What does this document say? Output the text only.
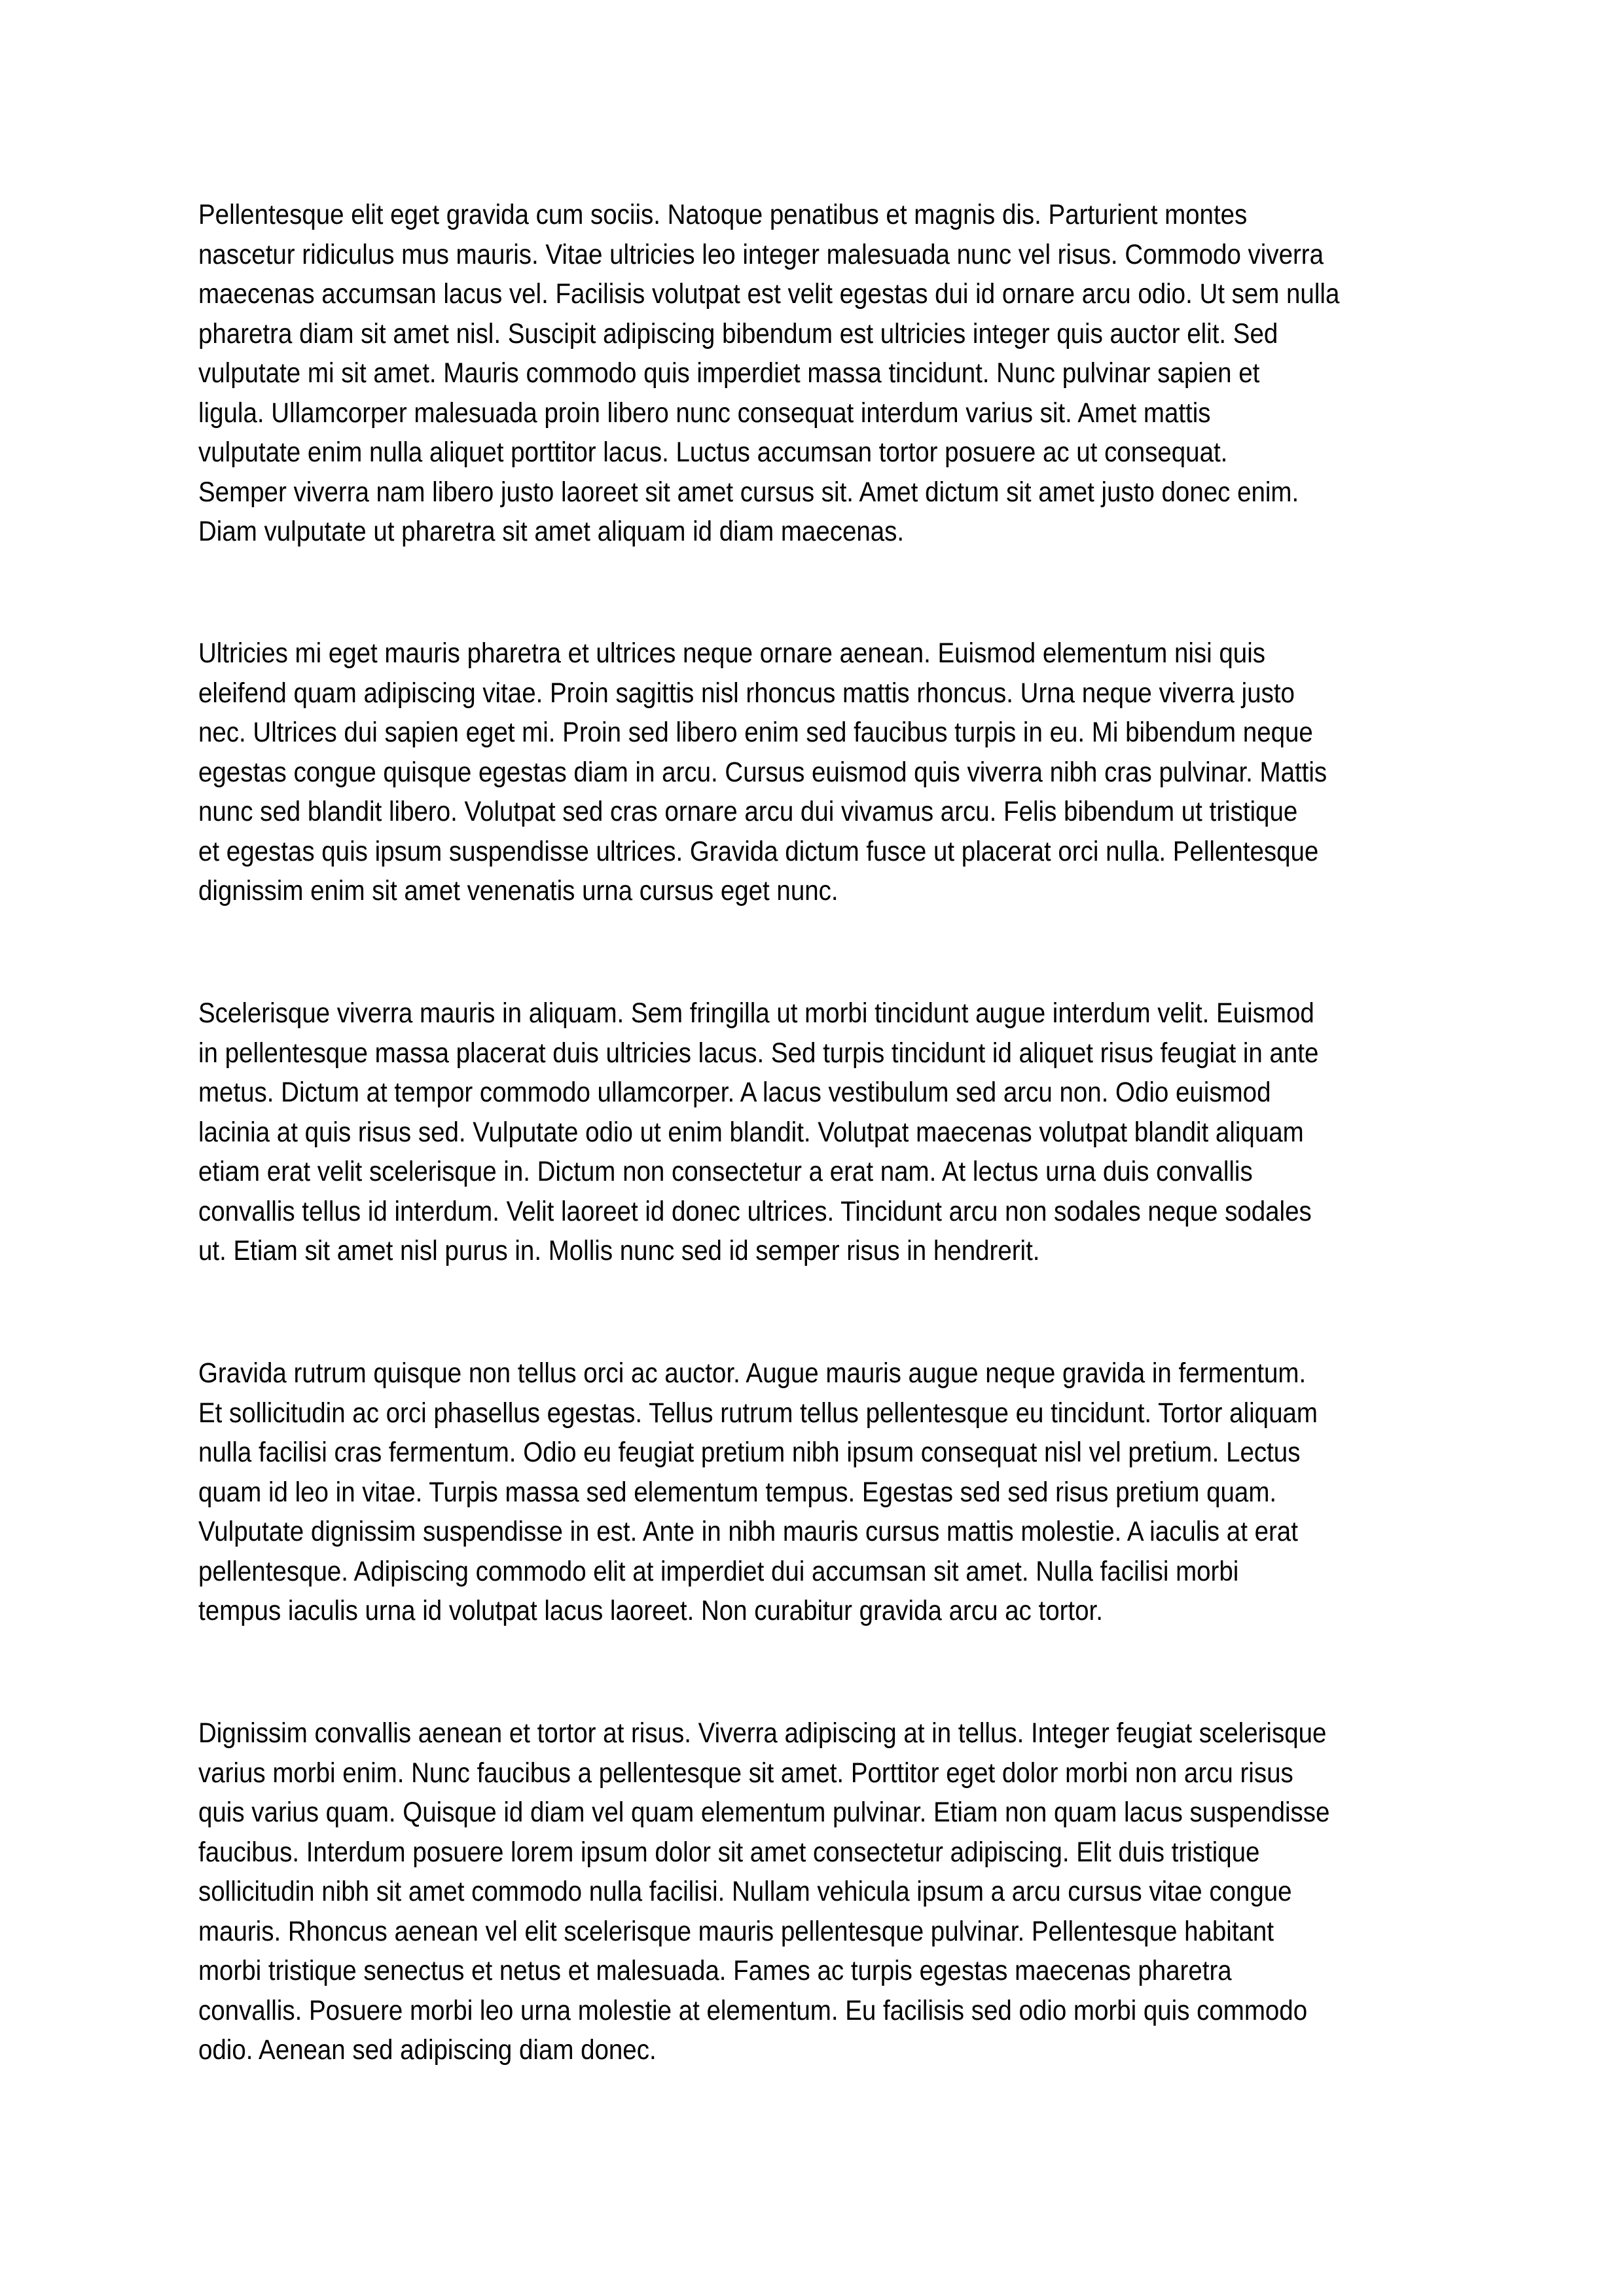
Pellentesque elit eget gravida cum sociis. Natoque penatibus et magnis dis. Parturient montes
nascetur ridiculus mus mauris. Vitae ultricies leo integer malesuada nunc vel risus. Commodo viverra
maecenas accumsan lacus vel. Facilisis volutpat est velit egestas dui id ornare arcu odio. Ut sem nulla
pharetra diam sit amet nisl. Suscipit adipiscing bibendum est ultricies integer quis auctor elit. Sed
vulputate mi sit amet. Mauris commodo quis imperdiet massa tincidunt. Nunc pulvinar sapien et
ligula. Ullamcorper malesuada proin libero nunc consequat interdum varius sit. Amet mattis
vulputate enim nulla aliquet porttitor lacus. Luctus accumsan tortor posuere ac ut consequat.
Semper viverra nam libero justo laoreet sit amet cursus sit. Amet dictum sit amet justo donec enim.
Diam vulputate ut pharetra sit amet aliquam id diam maecenas.
Ultricies mi eget mauris pharetra et ultrices neque ornare aenean. Euismod elementum nisi quis
eleifend quam adipiscing vitae. Proin sagittis nisl rhoncus mattis rhoncus. Urna neque viverra justo
nec. Ultrices dui sapien eget mi. Proin sed libero enim sed faucibus turpis in eu. Mi bibendum neque
egestas congue quisque egestas diam in arcu. Cursus euismod quis viverra nibh cras pulvinar. Mattis
nunc sed blandit libero. Volutpat sed cras ornare arcu dui vivamus arcu. Felis bibendum ut tristique
et egestas quis ipsum suspendisse ultrices. Gravida dictum fusce ut placerat orci nulla. Pellentesque
dignissim enim sit amet venenatis urna cursus eget nunc.
Scelerisque viverra mauris in aliquam. Sem fringilla ut morbi tincidunt augue interdum velit. Euismod
in pellentesque massa placerat duis ultricies lacus. Sed turpis tincidunt id aliquet risus feugiat in ante
metus. Dictum at tempor commodo ullamcorper. A lacus vestibulum sed arcu non. Odio euismod
lacinia at quis risus sed. Vulputate odio ut enim blandit. Volutpat maecenas volutpat blandit aliquam
etiam erat velit scelerisque in. Dictum non consectetur a erat nam. At lectus urna duis convallis
convallis tellus id interdum. Velit laoreet id donec ultrices. Tincidunt arcu non sodales neque sodales
ut. Etiam sit amet nisl purus in. Mollis nunc sed id semper risus in hendrerit.
Gravida rutrum quisque non tellus orci ac auctor. Augue mauris augue neque gravida in fermentum.
Et sollicitudin ac orci phasellus egestas. Tellus rutrum tellus pellentesque eu tincidunt. Tortor aliquam
nulla facilisi cras fermentum. Odio eu feugiat pretium nibh ipsum consequat nisl vel pretium. Lectus
quam id leo in vitae. Turpis massa sed elementum tempus. Egestas sed sed risus pretium quam.
Vulputate dignissim suspendisse in est. Ante in nibh mauris cursus mattis molestie. A iaculis at erat
pellentesque. Adipiscing commodo elit at imperdiet dui accumsan sit amet. Nulla facilisi morbi
tempus iaculis urna id volutpat lacus laoreet. Non curabitur gravida arcu ac tortor.
Dignissim convallis aenean et tortor at risus. Viverra adipiscing at in tellus. Integer feugiat scelerisque
varius morbi enim. Nunc faucibus a pellentesque sit amet. Porttitor eget dolor morbi non arcu risus
quis varius quam. Quisque id diam vel quam elementum pulvinar. Etiam non quam lacus suspendisse
faucibus. Interdum posuere lorem ipsum dolor sit amet consectetur adipiscing. Elit duis tristique
sollicitudin nibh sit amet commodo nulla facilisi. Nullam vehicula ipsum a arcu cursus vitae congue
mauris. Rhoncus aenean vel elit scelerisque mauris pellentesque pulvinar. Pellentesque habitant
morbi tristique senectus et netus et malesuada. Fames ac turpis egestas maecenas pharetra
convallis. Posuere morbi leo urna molestie at elementum. Eu facilisis sed odio morbi quis commodo
odio. Aenean sed adipiscing diam donec.
